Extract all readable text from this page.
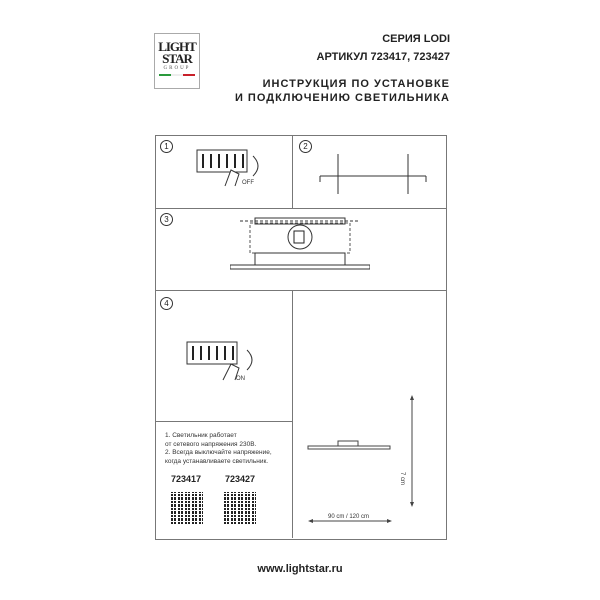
LIGHT
STAR
GROUP
СЕРИЯ LODI
АРТИКУЛ 723417, 723427
ИНСТРУКЦИЯ ПО УСТАНОВКЕ
И ПОДКЛЮЧЕНИЮ СВЕТИЛЬНИКА
1	2
3
4
OFF
ON
1. Светильник работает
от сетевого напряжения 230В.
2. Всегда выключайте напряжение,
когда устанавливаете светильник.
723417	723427
90 cm / 120 cm
7 cm
www.lightstar.ru
